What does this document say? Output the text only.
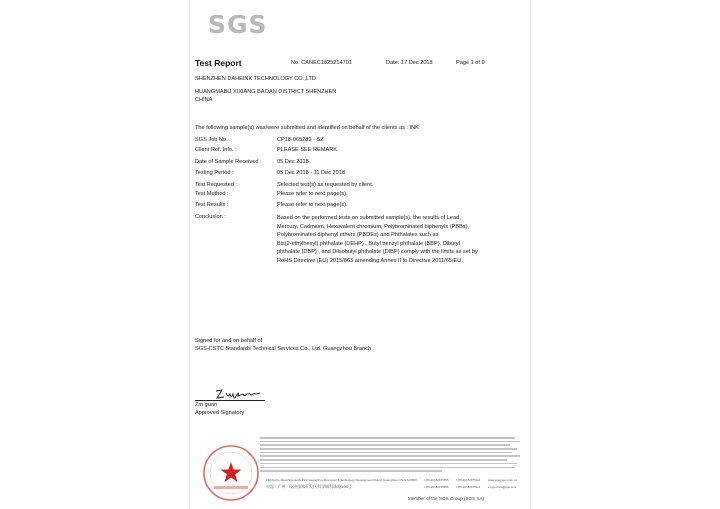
SGS
Test Report	No. CANEC1825214701	Date: 17 Dec 2018	Page 1 of 9
SHENZHEN DAHEINK TECHNOLOGY CO.,LTD
HUANGMABU XIXIANG BAOAN DISTRICT SHENZHEN
CHINA
The following sample(s) was/were submitted and identified on behalf of the clients as : INK
SGS Job No. :	CP18-065289 - SZ
Client Ref. Info. :	PLEASE SEE REMARK
Date of Sample Received :	05 Dec 2018
Testing Period :	05 Dec 2018 - 11 Dec 2018
Test Requested :	Selected test(s) as requested by client.
Test Method :	Please refer to next page(s).
Test Results :	Please refer to next page(s).
Conclusion :	Based on the performed tests on submitted sample(s), the results of Lead,
Mercury, Cadmium, Hexavalent chromium, Polybrominated biphenyls (PBBs),
Polybrominated diphenyl ethers (PBDEs) and Phthalates such as
Bis(2-ethylhexyl) phthalate (DEHP) , Butyl benzyl phthalate (BBP), Dibutyl
phthalate (DBP) , and Diisobutyl phthalate (DIBP) comply with the limits as set by
RoHS Directive (EU) 2015/863 amending Annex II to Directive 2011/65/EU.
Signed for and on behalf of
SGS-CSTC Standards Technical Services Co., Ltd. Guangzhou Branch
Zm guan
Approved Signatory
198 Kezhu Road,Scientech Park Guangzhou Economic & Technology Development District,Guangzhou,China 510663
中国 · 广州 · 经济技术开发区科学城科珠路198号
t (86-20) 82155555 f (86-20) 82075113 www.sgsgroup.com.cn
t (86-20) 82155555 f (86-20) 82075113 e sgs.china@sgs.com
Member of the SGS Group (SGS SA)
